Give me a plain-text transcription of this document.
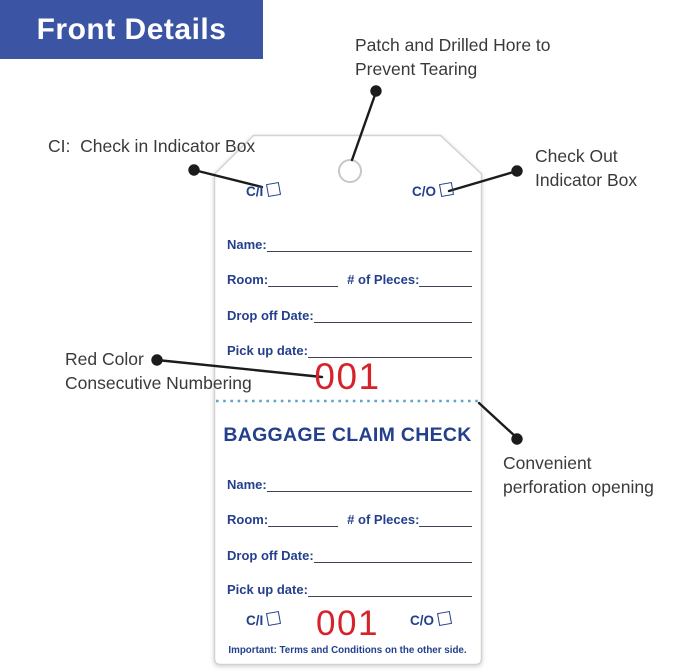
Front Details	Patch and Drilled Hore to
Prevent Tearing
CI:  Check in Indicator Box	Check Out
Indicator Box
Red Color
Consecutive Numbering
Convenient
perforation opening
C/I	C/O
Name:
Room:	# of Pleces:
Drop off Date:
Pick up date:
001
BAGGAGE CLAIM CHECK
Name:
Room:	# of Pleces:
Drop off Date:
Pick up date:
C/I	001	C/O
Important: Terms and Conditions on the other side.
